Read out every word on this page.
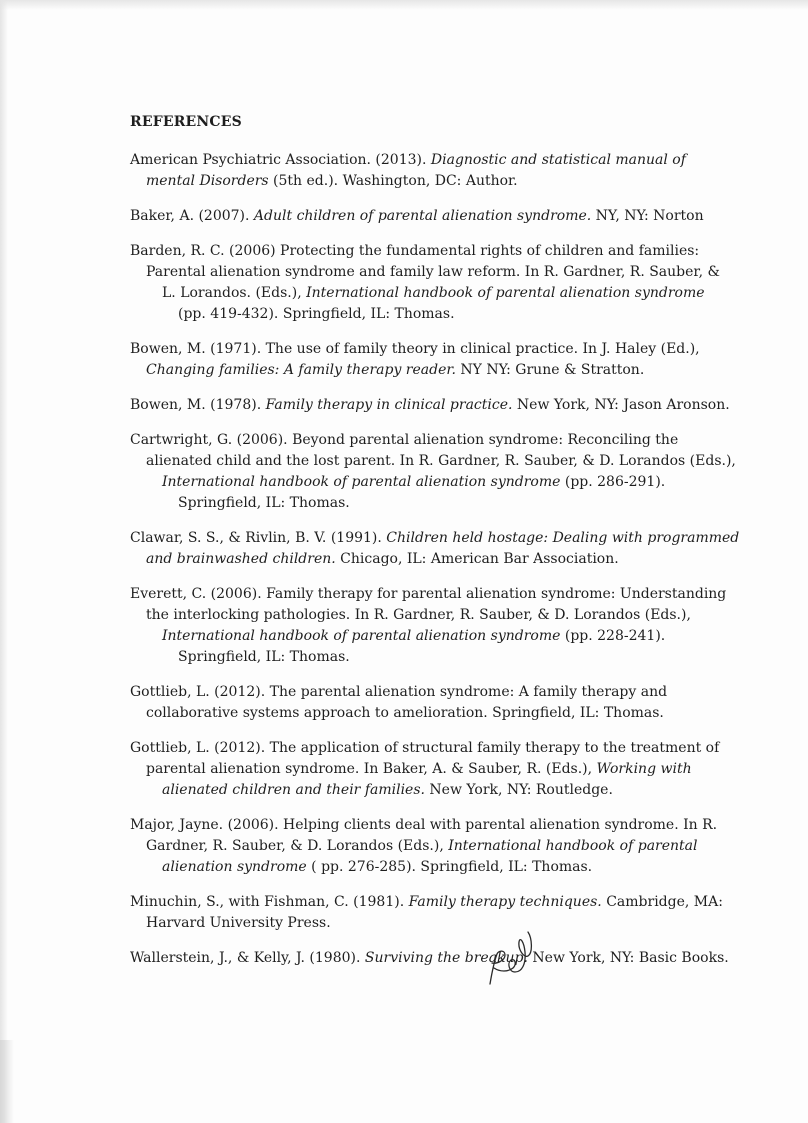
REFERENCES
American Psychiatric Association. (2013). Diagnostic and statistical manual of
mental Disorders (5th ed.). Washington, DC: Author.
Baker, A. (2007). Adult children of parental alienation syndrome. NY, NY: Norton
Barden, R. C. (2006) Protecting the fundamental rights of children and families:
Parental alienation syndrome and family law reform. In R. Gardner, R. Sauber, &
L. Lorandos. (Eds.), International handbook of parental alienation syndrome
(pp. 419-432). Springfield, IL: Thomas.
Bowen, M. (1971). The use of family theory in clinical practice. In J. Haley (Ed.),
Changing families: A family therapy reader. NY NY: Grune & Stratton.
Bowen, M. (1978). Family therapy in clinical practice. New York, NY: Jason Aronson.
Cartwright, G. (2006). Beyond parental alienation syndrome: Reconciling the
alienated child and the lost parent. In R. Gardner, R. Sauber, & D. Lorandos (Eds.),
International handbook of parental alienation syndrome (pp. 286-291).
Springfield, IL: Thomas.
Clawar, S. S., & Rivlin, B. V. (1991). Children held hostage: Dealing with programmed
and brainwashed children. Chicago, IL: American Bar Association.
Everett, C. (2006). Family therapy for parental alienation syndrome: Understanding
the interlocking pathologies. In R. Gardner, R. Sauber, & D. Lorandos (Eds.),
International handbook of parental alienation syndrome (pp. 228-241).
Springfield, IL: Thomas.
Gottlieb, L. (2012). The parental alienation syndrome: A family therapy and
collaborative systems approach to amelioration. Springfield, IL: Thomas.
Gottlieb, L. (2012). The application of structural family therapy to the treatment of
parental alienation syndrome. In Baker, A. & Sauber, R. (Eds.), Working with
alienated children and their families. New York, NY: Routledge.
Major, Jayne. (2006). Helping clients deal with parental alienation syndrome. In R.
Gardner, R. Sauber, & D. Lorandos (Eds.), International handbook of parental
alienation syndrome ( pp. 276-285). Springfield, IL: Thomas.
Minuchin, S., with Fishman, C. (1981). Family therapy techniques. Cambridge, MA:
Harvard University Press.
Wallerstein, J., & Kelly, J. (1980). Surviving the breakup. New York, NY: Basic Books.
